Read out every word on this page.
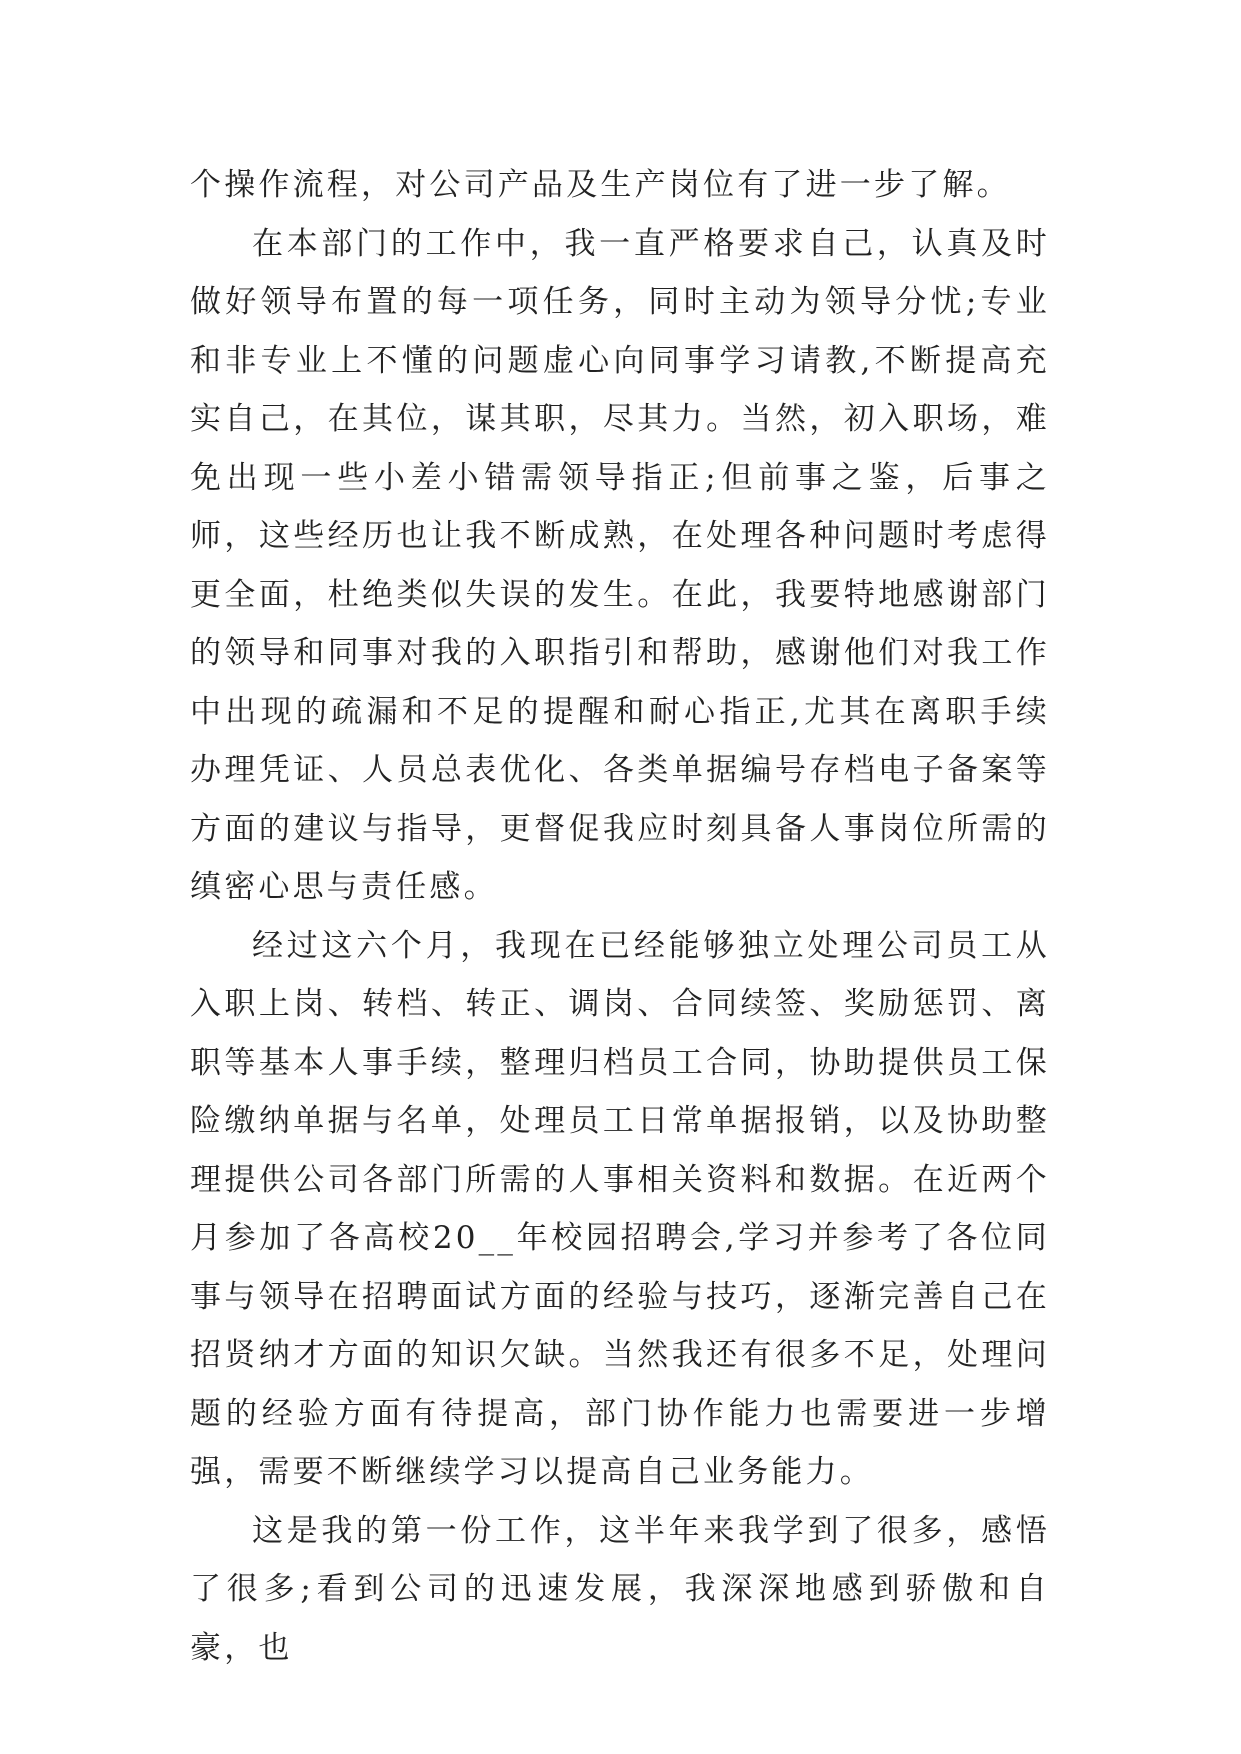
个操作流程，对公司产品及生产岗位有了进一步了解。

在本部门的工作中，我一直严格要求自己，认真及时做好领导布置的每一项任务，同时主动为领导分忧;专业和非专业上不懂的问题虚心向同事学习请教,不断提高充实自己，在其位，谋其职，尽其力。当然，初入职场，难免出现一些小差小错需领导指正;但前事之鉴，后事之师，这些经历也让我不断成熟，在处理各种问题时考虑得更全面，杜绝类似失误的发生。在此，我要特地感谢部门的领导和同事对我的入职指引和帮助，感谢他们对我工作中出现的疏漏和不足的提醒和耐心指正,尤其在离职手续办理凭证、人员总表优化、各类单据编号存档电子备案等方面的建议与指导，更督促我应时刻具备人事岗位所需的缜密心思与责任感。

经过这六个月，我现在已经能够独立处理公司员工从入职上岗、转档、转正、调岗、合同续签、奖励惩罚、离职等基本人事手续，整理归档员工合同，协助提供员工保险缴纳单据与名单，处理员工日常单据报销，以及协助整理提供公司各部门所需的人事相关资料和数据。在近两个月参加了各高校20__年校园招聘会,学习并参考了各位同事与领导在招聘面试方面的经验与技巧，逐渐完善自己在招贤纳才方面的知识欠缺。当然我还有很多不足，处理问题的经验方面有待提高，部门协作能力也需要进一步增强，需要不断继续学习以提高自己业务能力。

这是我的第一份工作，这半年来我学到了很多，感悟了很多;看到公司的迅速发展，我深深地感到骄傲和自豪，也
